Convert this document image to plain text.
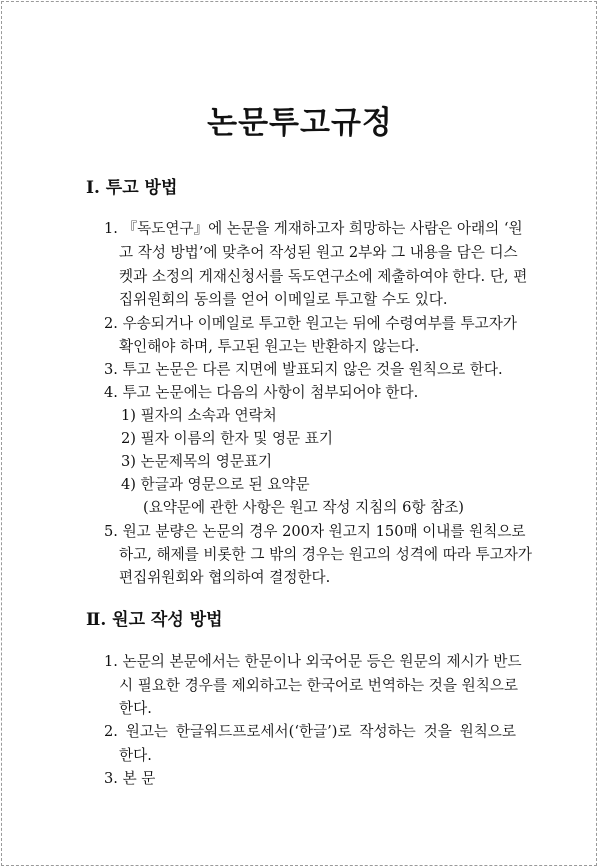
논문투고규정
Ⅰ. 투고 방법
1. 『독도연구』에 논문을 게재하고자 희망하는 사람은 아래의 ‘원
고 작성 방법’에 맞추어 작성된 원고 2부와 그 내용을 담은 디스
켓과 소정의 게재신청서를 독도연구소에 제출하여야 한다. 단, 편
집위원회의 동의를 얻어 이메일로 투고할 수도 있다.
2. 우송되거나 이메일로 투고한 원고는 뒤에 수령여부를 투고자가
확인해야 하며, 투고된 원고는 반환하지 않는다.
3. 투고 논문은 다른 지면에 발표되지 않은 것을 원칙으로 한다.
4. 투고 논문에는 다음의 사항이 첨부되어야 한다.
1) 필자의 소속과 연락처
2) 필자 이름의 한자 및 영문 표기
3) 논문제목의 영문표기
4) 한글과 영문으로 된 요약문
(요약문에 관한 사항은 원고 작성 지침의 6항 참조)
5. 원고 분량은 논문의 경우 200자 원고지 150매 이내를 원칙으로
하고, 해제를 비롯한 그 밖의 경우는 원고의 성격에 따라 투고자가
편집위원회와 협의하여 결정한다.
Ⅱ. 원고 작성 방법
1. 논문의 본문에서는 한문이나 외국어문 등은 원문의 제시가 반드
시 필요한 경우를 제외하고는 한국어로 번역하는 것을 원칙으로
한다.
2. 원고는 한글워드프로세서(‘한글’)로 작성하는 것을 원칙으로
한다.
3. 본 문
